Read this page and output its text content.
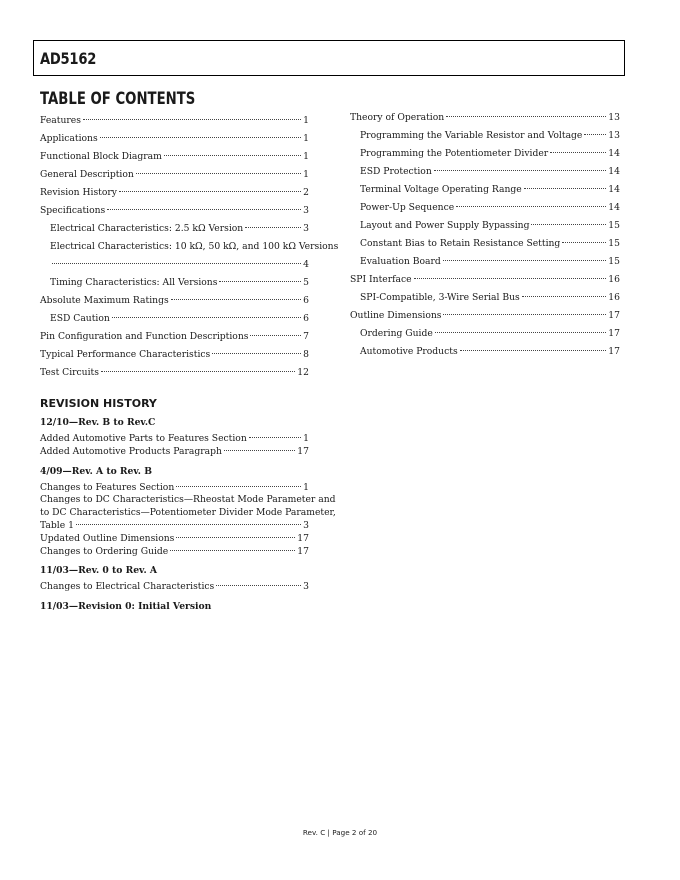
AD5162
TABLE OF CONTENTS
Features	1
Applications	1
Functional Block Diagram	1
General Description	1
Revision History	2
Specifications	3
Electrical Characteristics: 2.5 kΩ Version	3
Electrical Characteristics: 10 kΩ, 50 kΩ, and 100 kΩ Versions
4
Timing Characteristics: All Versions	5
Absolute Maximum Ratings	6
ESD Caution	6
Pin Configuration and Function Descriptions	7
Typical Performance Characteristics	8
Test Circuits	12
Theory of Operation	13
Programming the Variable Resistor and Voltage	13
Programming the Potentiometer Divider	14
ESD Protection	14
Terminal Voltage Operating Range	14
Power-Up Sequence	14
Layout and Power Supply Bypassing	15
Constant Bias to Retain Resistance Setting	15
Evaluation Board	15
SPI Interface	16
SPI-Compatible, 3-Wire Serial Bus	16
Outline Dimensions	17
Ordering Guide	17
Automotive Products	17
REVISION HISTORY
12/10—Rev. B to Rev.C
Added Automotive Parts to Features Section	1
Added Automotive Products Paragraph	17
4/09—Rev. A to Rev. B
Changes to Features Section	1
Changes to DC Characteristics—Rheostat Mode Parameter and
to DC Characteristics—Potentiometer Divider Mode Parameter,
Table 1	3
Updated Outline Dimensions	17
Changes to Ordering Guide	17
11/03—Rev. 0 to Rev. A
Changes to Electrical Characteristics	3
11/03—Revision 0: Initial Version
Rev. C | Page 2 of 20
